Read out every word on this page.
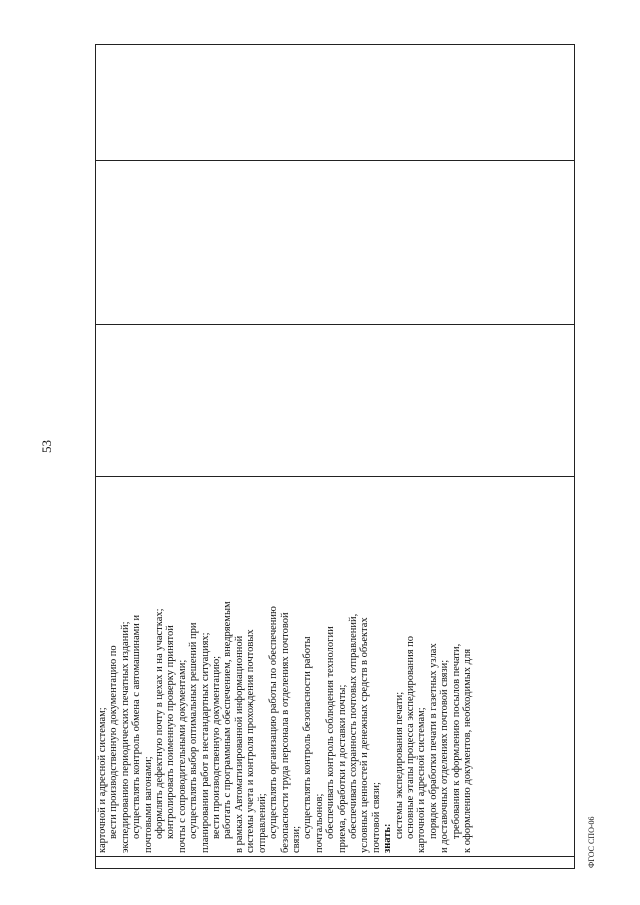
53
карточной и адресной системам; вести производственную документацию по экспедированию периодических печатных изданий; осуществлять контроль обмена с автомашинами и почтовыми вагонами; оформлять дефектную почту в цехах и на участках; контролировать поименную проверку принятой почты с сопроводительными документами; осуществлять выбор оптимальных решений при планировании работ в нестандартных ситуациях; вести производственную документацию; работать с программным обеспечением, внедряемым в рамках Автоматизированной информационной системы учета и контроля прохождения почтовых отправлений; осуществлять организацию работы по обеспечению безопасности труда персонала в отделениях почтовой связи;
осуществлять контроль безопасности работы почтальонов; обеспечивать контроль соблюдения технологии приема, обработки и доставки почты; обеспечивать сохранность почтовых отправлений, условных ценностей и денежных средств в объектах почтовой связи; знать: системы экспедирования печати; основные этапы процесса экспедирования по карточной и адресной системам; порядок обработки печати в газетных узлах и доставочных отделениях почтовой связи; требования к оформлению посылов печати, к оформлению документов, необходимых для	ФГОС СПО-06
